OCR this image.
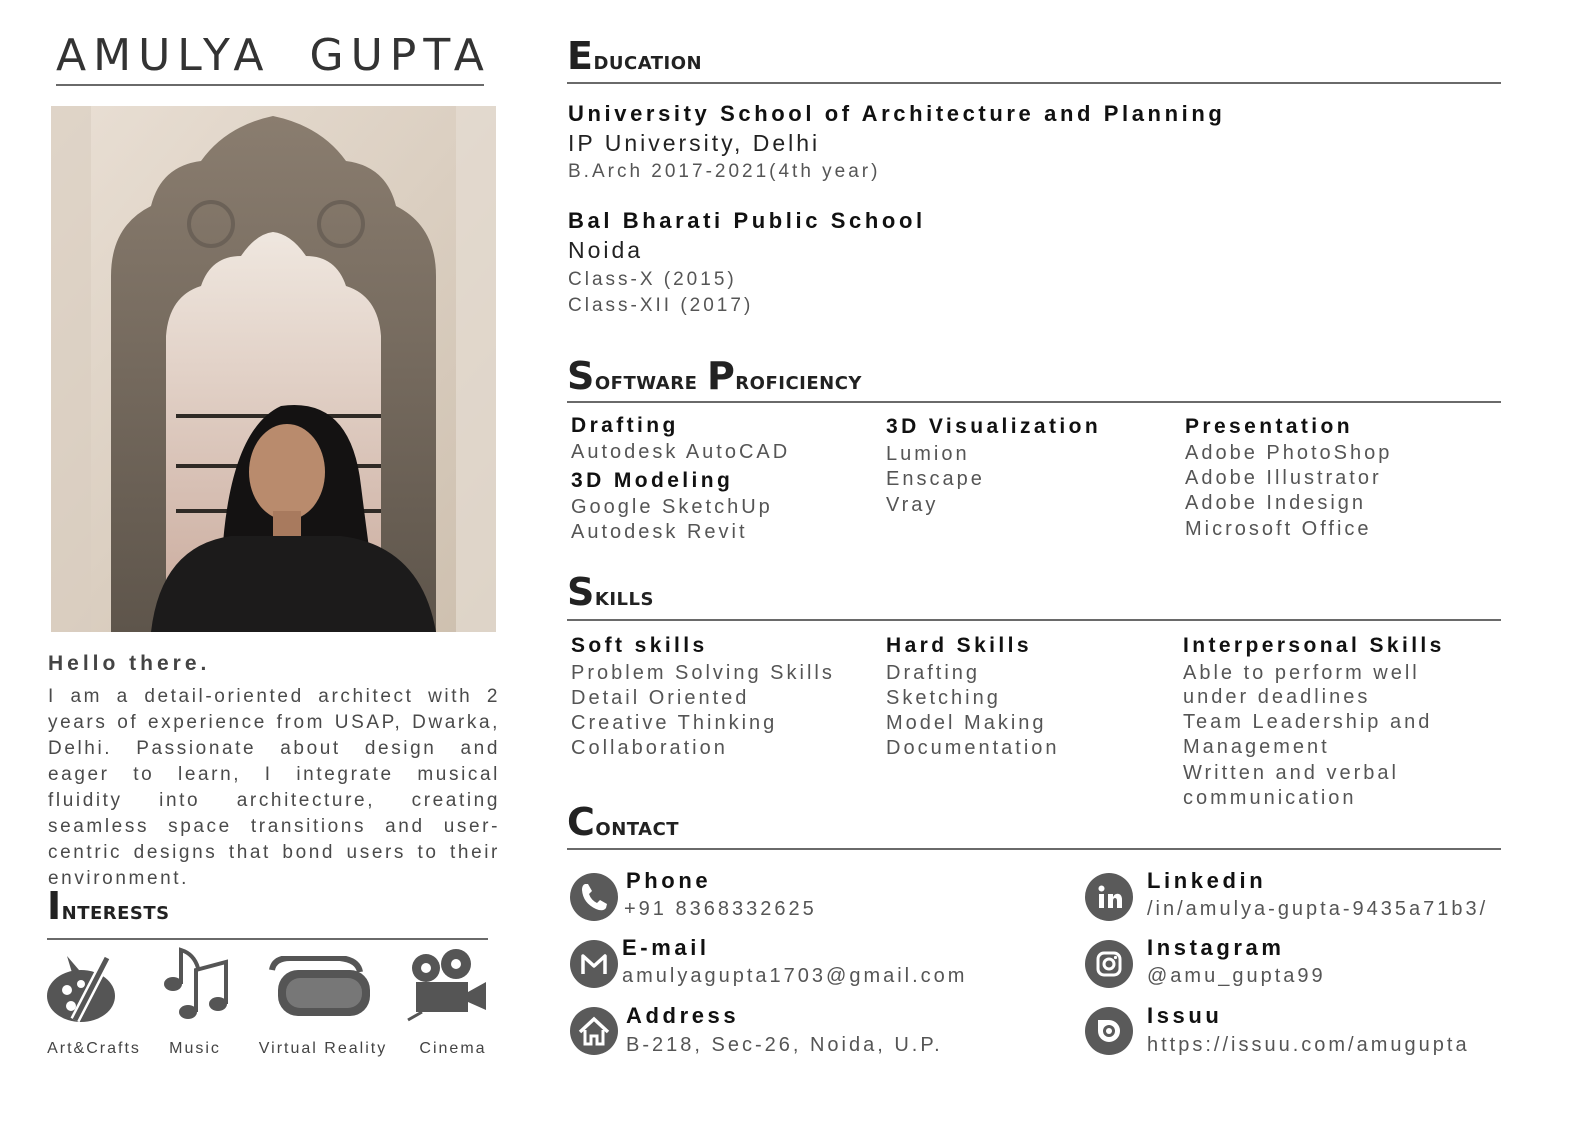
AMULYA GUPTA
Hello there.
I am a detail-oriented architect with 2 years of experience from USAP, Dwarka, Delhi. Passionate about design and eager to learn, I integrate musical fluidity into architecture, creating seamless space transitions and user-centric designs that bond users to their environment.
Interests
Art&Crafts	Music	Virtual Reality	Cinema
Education
University School of Architecture and Planning
IP University, Delhi
B.Arch 2017-2021(4th year)
Bal Bharati Public School
Noida
Class-X (2015)
Class-XII (2017)
Software Proficiency
Drafting
Autodesk AutoCAD
3D Modeling
Google SketchUp
Autodesk Revit
3D Visualization
Lumion
Enscape
Vray
Presentation
Adobe PhotoShop
Adobe Illustrator
Adobe Indesign
Microsoft Office
Skills
Soft skills
Problem Solving Skills
Detail Oriented
Creative Thinking
Collaboration
Hard Skills
Drafting
Sketching
Model Making
Documentation
Interpersonal Skills
Able to perform well
under deadlines
Team Leadership and
Management
Written and verbal
communication
Contact
Phone
+91 8368332625
E-mail
amulyagupta1703@gmail.com
Address
B-218, Sec-26, Noida, U.P.
Linkedin
/in/amulya-gupta-9435a71b3/
Instagram
@amu_gupta99
Issuu
https://issuu.com/amugupta
